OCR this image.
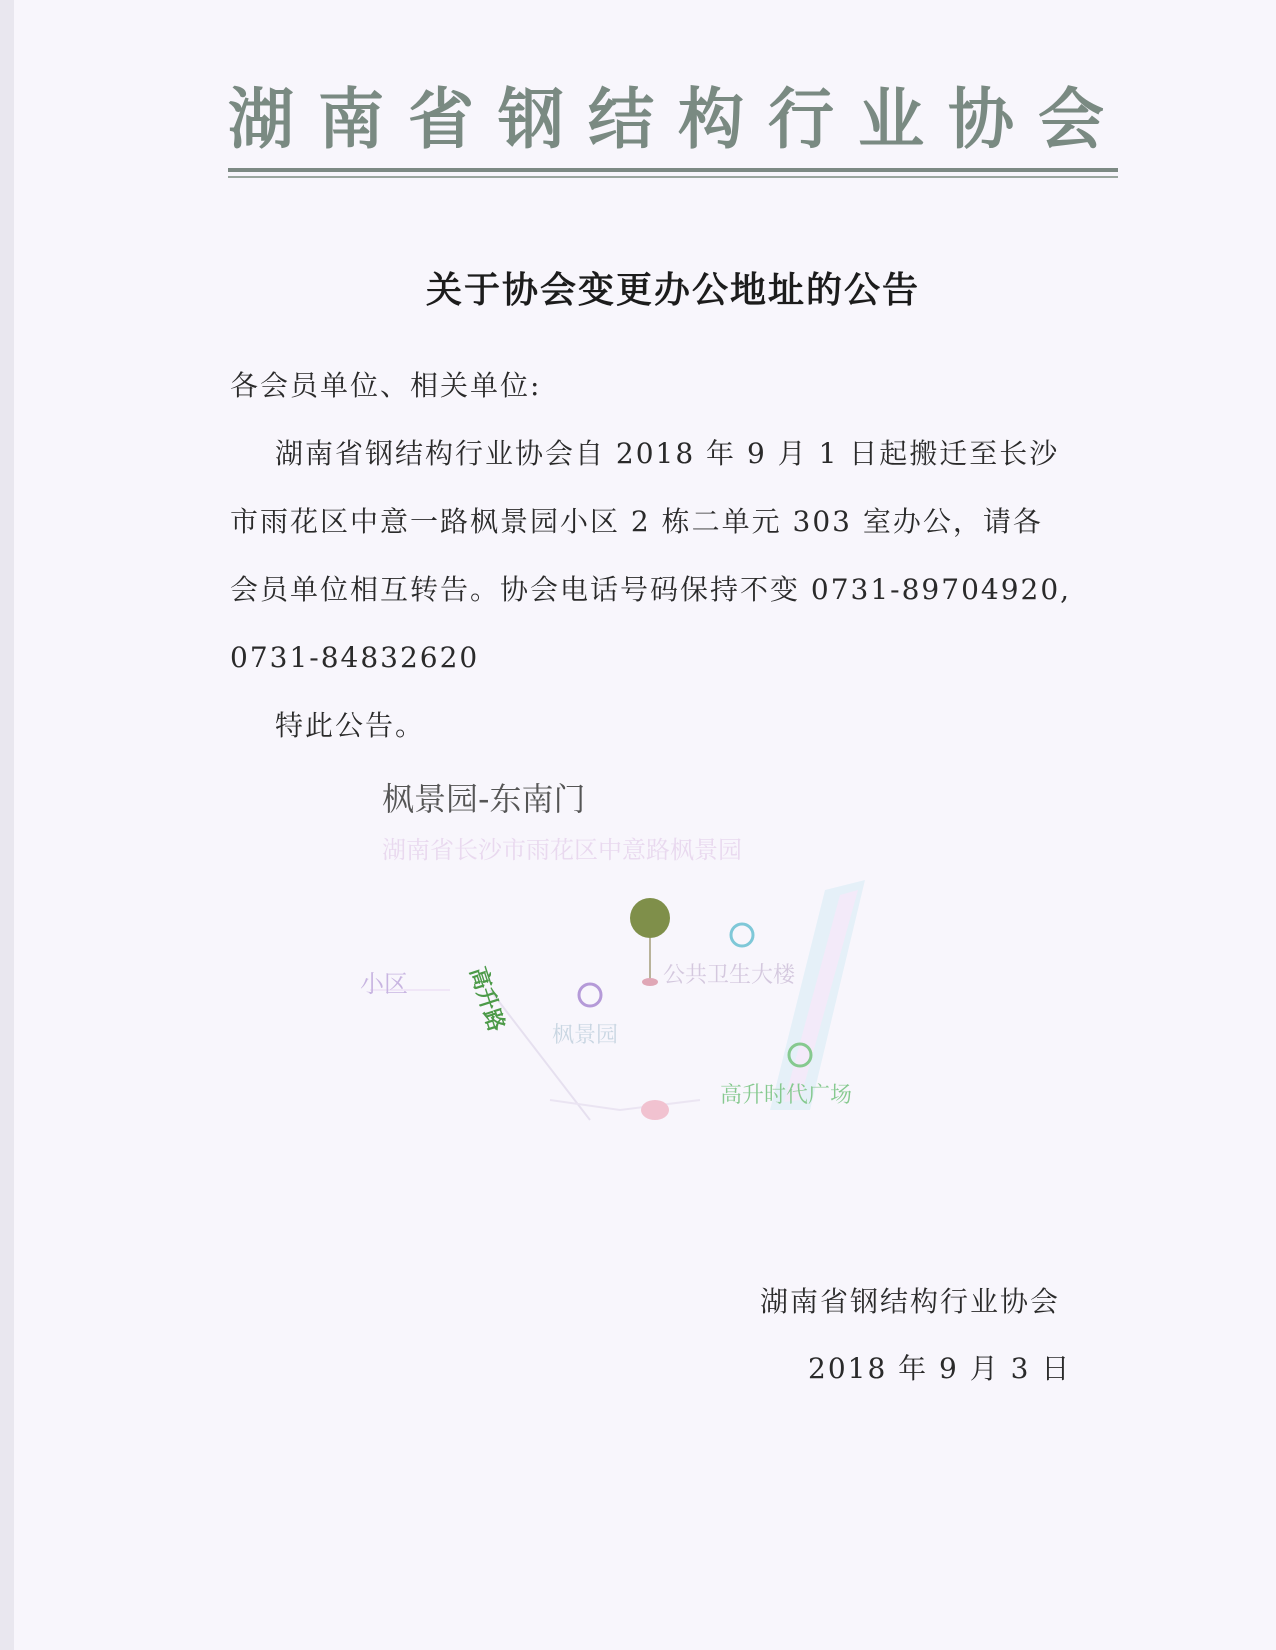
湖南省钢结构行业协会
关于协会变更办公地址的公告
各会员单位、相关单位:
湖南省钢结构行业协会自 2018 年 9 月 1 日起搬迁至长沙
市雨花区中意一路枫景园小区 2 栋二单元 303 室办公，请各
会员单位相互转告。协会电话号码保持不变 0731-89704920,
0731-84832620
特此公告。
枫景园-东南门
湖南省长沙市雨花区中意路枫景园
公共卫生大楼
枫景园
小区	高升路
高升时代广场
湖南省钢结构行业协会
2018 年 9 月 3 日
